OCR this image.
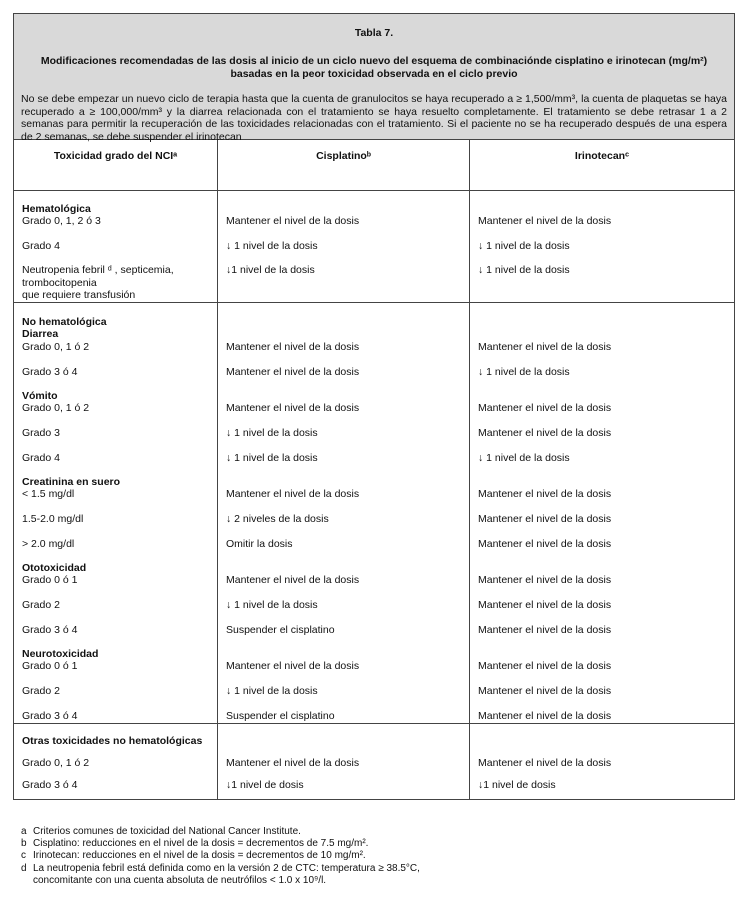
Tabla 7.
Modificaciones recomendadas de las dosis al inicio de un ciclo nuevo del esquema de combinaciónde cisplatino e irinotecan (mg/m²) basadas en la peor toxicidad observada en el ciclo previo
No se debe empezar un nuevo ciclo de terapia hasta que la cuenta de granulocitos se haya recuperado a ≥ 1,500/mm³, la cuenta de plaquetas se haya recuperado a ≥ 100,000/mm³ y la diarrea relacionada con el tratamiento se haya resuelto completamente. El tratamiento se debe retrasar 1 a 2 semanas para permitir la recuperación de las toxicidades relacionadas con el tratamiento. Si el paciente no se ha recuperado después de una espera de 2 semanas, se debe suspender el irinotecan
Toxicidad grado del NCIᵃ	Cisplatinoᵇ	Irinotecanᶜ
Hematológica
Grado 0, 1, 2 ó 3
Grado 4
Neutropenia febril ᵈ , septicemia,
trombocitopenia
que requiere transfusión
Mantener el nivel de la dosis
↓ 1 nivel de la dosis
↓1 nivel de la dosis
Mantener el nivel de la dosis
↓ 1 nivel de la dosis
↓ 1 nivel de la dosis
No hematológica
Diarrea
Grado 0, 1 ó 2
Grado 3 ó 4
Vómito
Grado 0, 1 ó 2
Grado 3
Grado 4
Creatinina en suero
< 1.5 mg/dl
1.5-2.0 mg/dl
> 2.0 mg/dl
Ototoxicidad
Grado 0 ó 1
Grado 2
Grado 3 ó 4
Neurotoxicidad
Grado 0 ó 1
Grado 2
Grado 3 ó 4
Mantener el nivel de la dosis
Mantener el nivel de la dosis
Mantener el nivel de la dosis
↓ 1 nivel de la dosis
↓ 1 nivel de la dosis
Mantener el nivel de la dosis
↓ 2 niveles de la dosis
Omitir la dosis
Mantener el nivel de la dosis
↓ 1 nivel de la dosis
Suspender el cisplatino
Mantener el nivel de la dosis
↓ 1 nivel de la dosis
Suspender el cisplatino
Mantener el nivel de la dosis
↓ 1 nivel de la dosis
Mantener el nivel de la dosis
Mantener el nivel de la dosis
↓ 1 nivel de la dosis
Mantener el nivel de la dosis
Mantener el nivel de la dosis
Mantener el nivel de la dosis
Mantener el nivel de la dosis
Mantener el nivel de la dosis
Mantener el nivel de la dosis
Mantener el nivel de la dosis
Mantener el nivel de la dosis
Mantener el nivel de la dosis
Otras toxicidades no hematológicas
Grado 0, 1 ó 2
Grado 3 ó 4
Mantener el nivel de la dosis
↓1 nivel de dosis
Mantener el nivel de la dosis
↓1 nivel de dosis
a Criterios comunes de toxicidad del National Cancer Institute.
b Cisplatino: reducciones en el nivel de la dosis = decrementos de 7.5 mg/m².
c Irinotecan: reducciones en el nivel de la dosis = decrementos de 10 mg/m².
d La neutropenia febril está definida como en la versión 2 de CTC: temperatura ≥ 38.5°C,
concomitante con una cuenta absoluta de neutrófilos < 1.0 x 10⁹/l.
